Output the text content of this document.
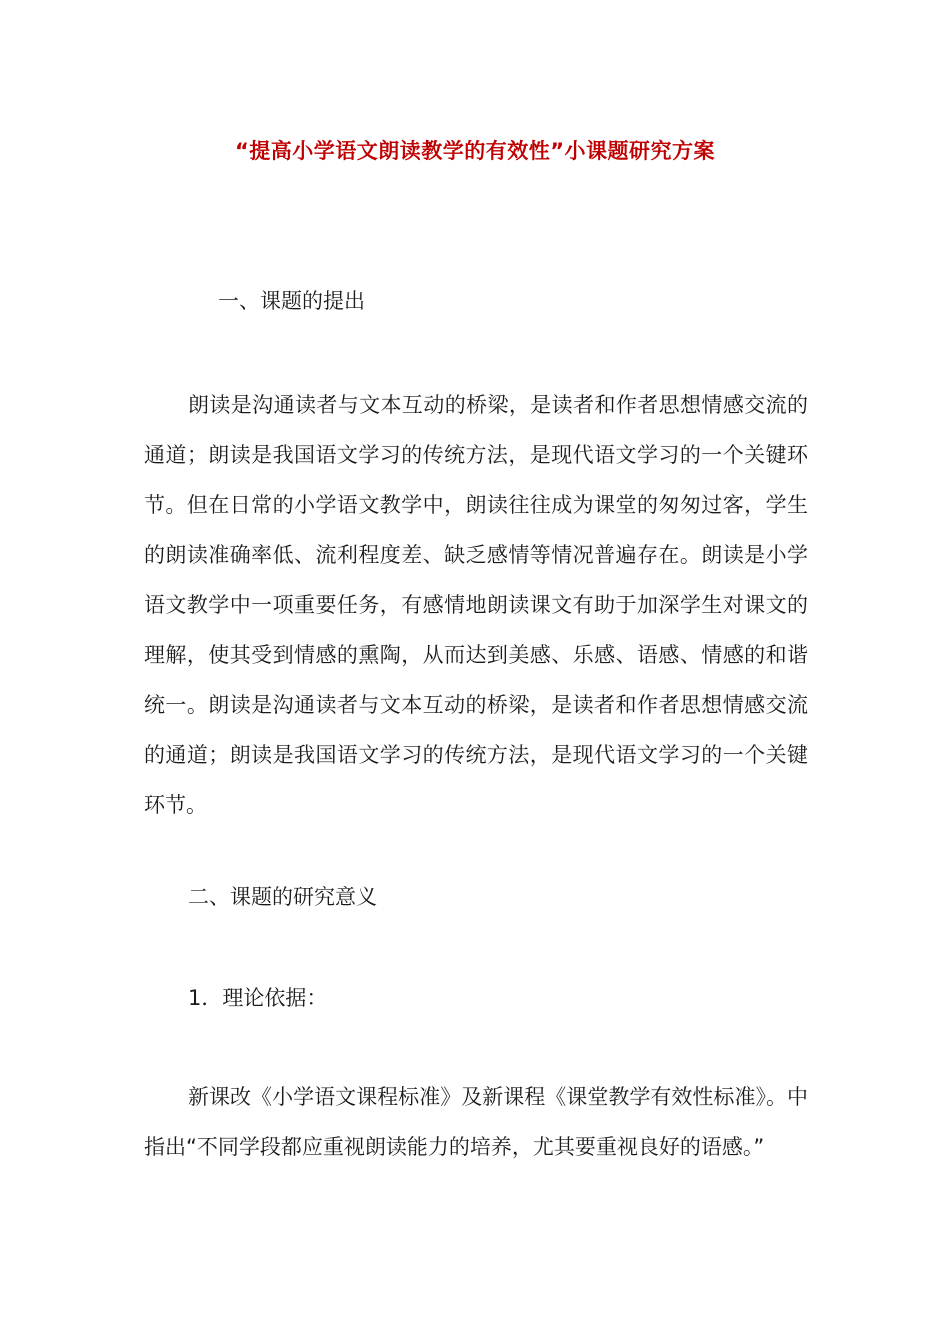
“提高小学语文朗读教学的有效性”小课题研究方案
一、课题的提出

朗读是沟通读者与文本互动的桥梁，是读者和作者思想情感交流的通道；朗读是我国语文学习的传统方法，是现代语文学习的一个关键环节。但在日常的小学语文教学中，朗读往往成为课堂的匆匆过客，学生的朗读准确率低、流利程度差、缺乏感情等情况普遍存在。朗读是小学语文教学中一项重要任务，有感情地朗读课文有助于加深学生对课文的理解，使其受到情感的熏陶，从而达到美感、乐感、语感、情感的和谐统一。朗读是沟通读者与文本互动的桥梁，是读者和作者思想情感交流的通道；朗读是我国语文学习的传统方法，是现代语文学习的一个关键环节。

二、课题的研究意义
1．理论依据：

新课改《小学语文课程标准》及新课程《课堂教学有效性标准》。中指出“不同学段都应重视朗读能力的培养，尤其要重视良好的语感。”
